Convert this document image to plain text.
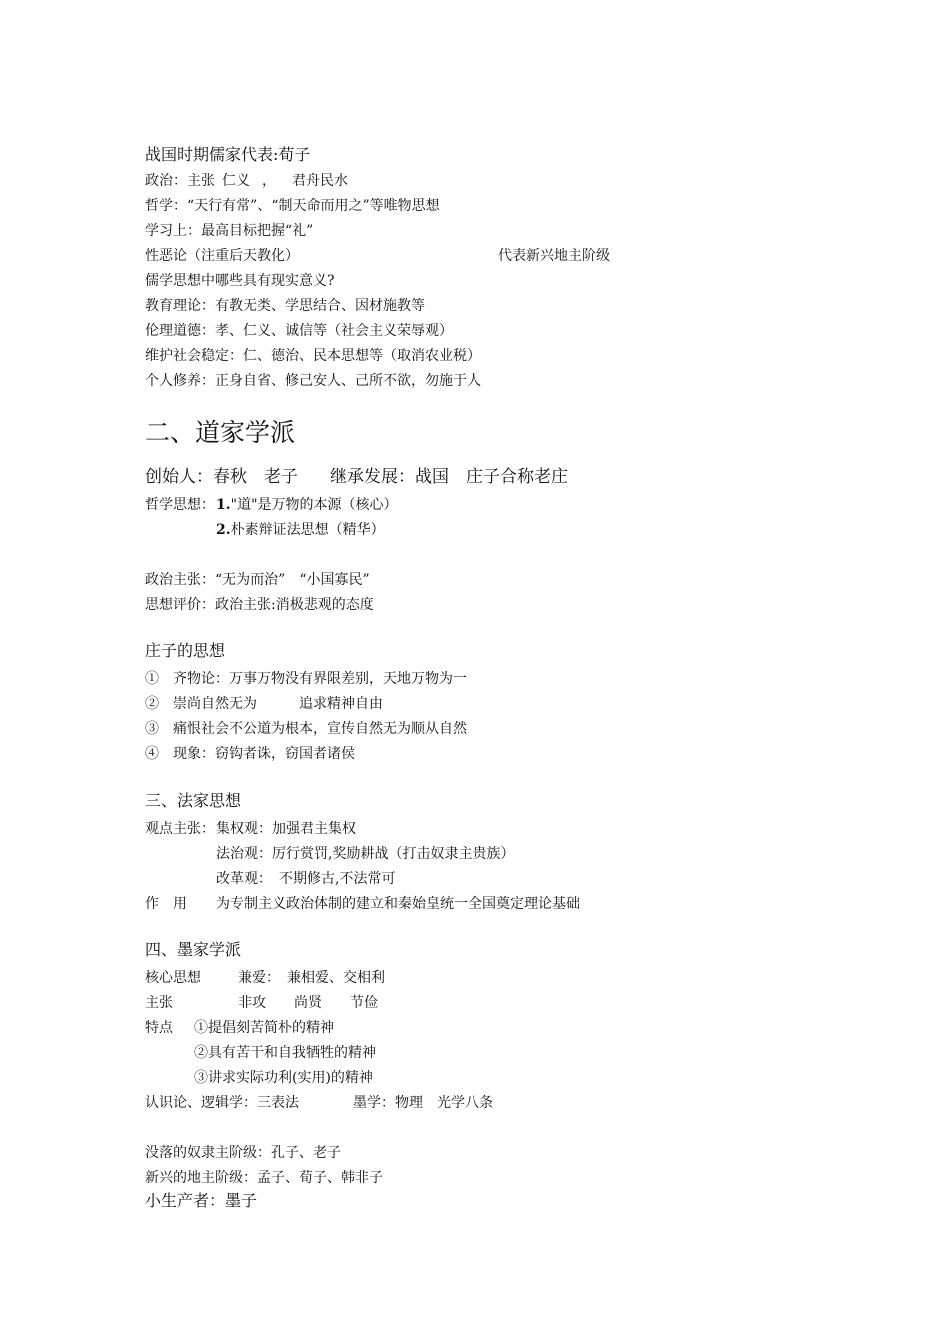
战国时期儒家代表:荀子
政治：主张 仁义 ， 君舟民水
哲学：“天行有常”、“制天命而用之”等唯物思想
学习上：最高目标把握“礼”
性恶论（注重后天教化）	代表新兴地主阶级
儒学思想中哪些具有现实意义?
教育理论：有教无类、学思结合、因材施教等
伦理道德：孝、仁义、诚信等（社会主义荣辱观）
维护社会稳定：仁、德治、民本思想等（取消农业税）
个人修养：正身自省、修己安人、己所不欲，勿施于人
二、道家学派
创始人：春秋　老子 继承发展：战国　庄子合称老庄
哲学思想： 1."道"是万物的本源（核心）
2.朴素辩证法思想（精华）
政治主张：“无为而治”　“小国寡民”
思想评价：政治主张:消极悲观的态度
庄子的思想
①　齐物论：万事万物没有界限差别，天地万物为一
②　崇尚自然无为　　　追求精神自由
③　痛恨社会不公道为根本，宣传自然无为顺从自然
④　现象：窃钩者诛，窃国者诸侯
三、法家思想
观点主张： 集权观：加强君主集权
法治观：厉行赏罚,奖励耕战（打击奴隶主贵族）
改革观：　不期修古,不法常可
作　用 为专制主义政治体制的建立和秦始皇统一全国奠定理论基础
四、墨家学派
核心思想	兼爱：　兼相爱、交相利
主张	非攻　　尚贤　　节俭
特点 ①提倡刻苦简朴的精神
②具有苦干和自我牺牲的精神
③讲求实际功利(实用)的精神
认识论、逻辑学：三表法	墨学：物理　光学八条
没落的奴隶主阶级：孔子、老子
新兴的地主阶级：孟子、荀子、韩非子
小生产者：墨子
